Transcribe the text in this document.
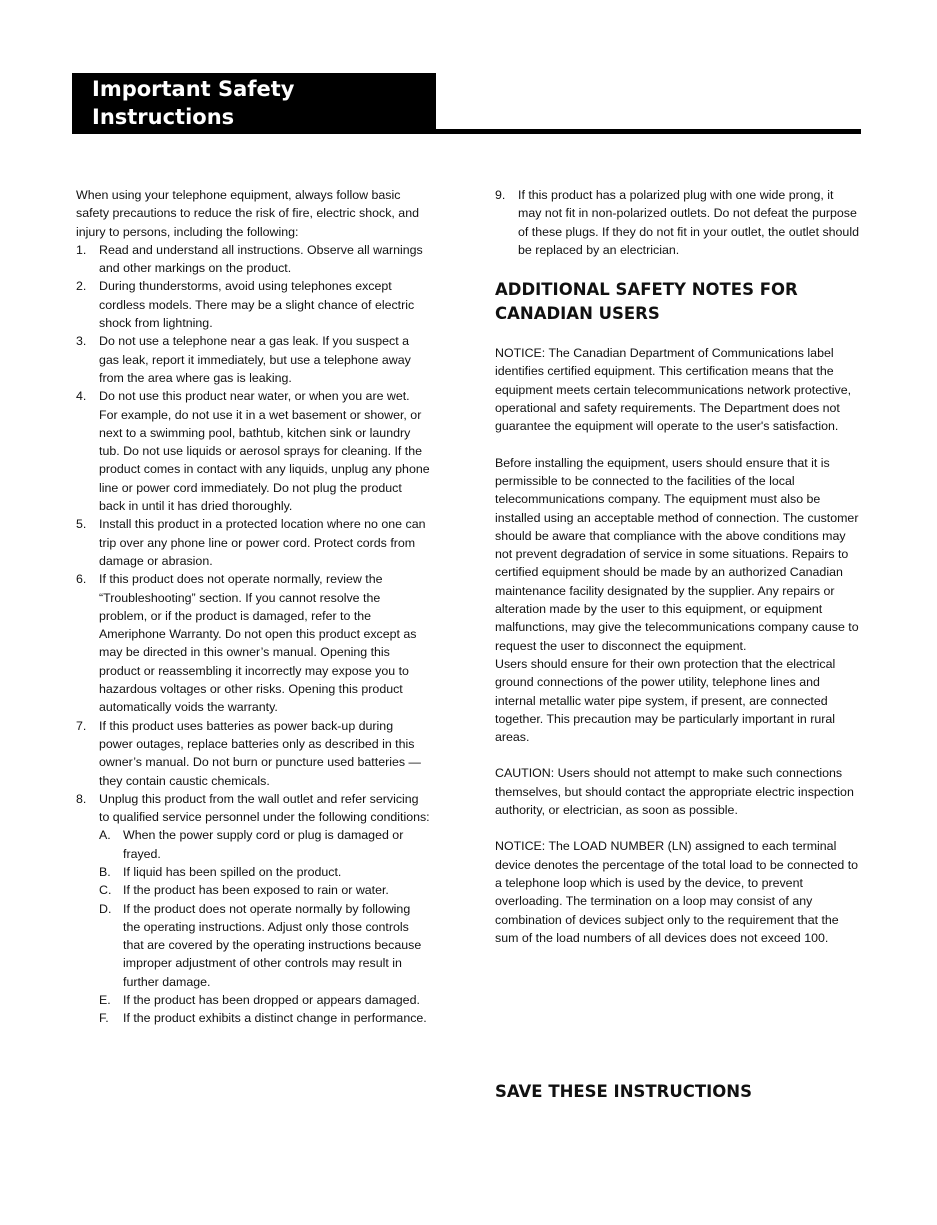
Important Safety
Instructions

When using your telephone equipment, always follow basic safety precautions to reduce the risk of fire, electric shock, and injury to persons, including the following:

1. Read and understand all instructions. Observe all warnings and other markings on the product.
2. During thunderstorms, avoid using telephones except cordless models. There may be a slight chance of electric shock from lightning.
3. Do not use a telephone near a gas leak. If you suspect a gas leak, report it immediately, but use a telephone away from the area where gas is leaking.
4. Do not use this product near water, or when you are wet. For example, do not use it in a wet basement or shower, or next to a swimming pool, bathtub, kitchen sink or laundry tub. Do not use liquids or aerosol sprays for cleaning. If the product comes in contact with any liquids, unplug any phone line or power cord immediately. Do not plug the product back in until it has dried thoroughly.
5. Install this product in a protected location where no one can trip over any phone line or power cord. Protect cords from damage or abrasion.
6. If this product does not operate normally, review the “Troubleshooting” section. If you cannot resolve the problem, or if the product is damaged, refer to the Ameriphone Warranty. Do not open this product except as may be directed in this owner’s manual. Opening this product or reassembling it incorrectly may expose you to hazardous voltages or other risks. Opening this product automatically voids the warranty.
7. If this product uses batteries as power back-up during power outages, replace batteries only as described in this owner’s manual. Do not burn or puncture used batteries — they contain caustic chemicals.
8. Unplug this product from the wall outlet and refer servicing to qualified service personnel under the following conditions:
A. When the power supply cord or plug is damaged or frayed.
B. If liquid has been spilled on the product.
C. If the product has been exposed to rain or water.
D. If the product does not operate normally by following the operating instructions. Adjust only those controls that are covered by the operating instructions because improper adjustment of other controls may result in further damage.
E. If the product has been dropped or appears damaged.
F. If the product exhibits a distinct change in performance.
9. If this product has a polarized plug with one wide prong, it may not fit in non-polarized outlets. Do not defeat the purpose of these plugs. If they do not fit in your outlet, the outlet should be replaced by an electrician.
ADDITIONAL SAFETY NOTES FOR CANADIAN USERS

NOTICE: The Canadian Department of Communications label identifies certified equipment. This certification means that the equipment meets certain telecommunications network protective, operational and safety requirements. The Department does not guarantee the equipment will operate to the user's satisfaction.

Before installing the equipment, users should ensure that it is permissible to be connected to the facilities of the local telecommunications company. The equipment must also be installed using an acceptable method of connection. The customer should be aware that compliance with the above conditions may not prevent degradation of service in some situations. Repairs to certified equipment should be made by an authorized Canadian maintenance facility designated by the supplier. Any repairs or alteration made by the user to this equipment, or equipment malfunctions, may give the telecommunications company cause to request the user to disconnect the equipment.

Users should ensure for their own protection that the electrical ground connections of the power utility, telephone lines and internal metallic water pipe system, if present, are connected together. This precaution may be particularly important in rural areas.

CAUTION: Users should not attempt to make such connections themselves, but should contact the appropriate electric inspection authority, or electrician, as soon as possible.

NOTICE: The LOAD NUMBER (LN) assigned to each terminal device denotes the percentage of the total load to be connected to a telephone loop which is used by the device, to prevent overloading. The termination on a loop may consist of any combination of devices subject only to the requirement that the sum of the load numbers of all devices does not exceed 100.

SAVE THESE INSTRUCTIONS
